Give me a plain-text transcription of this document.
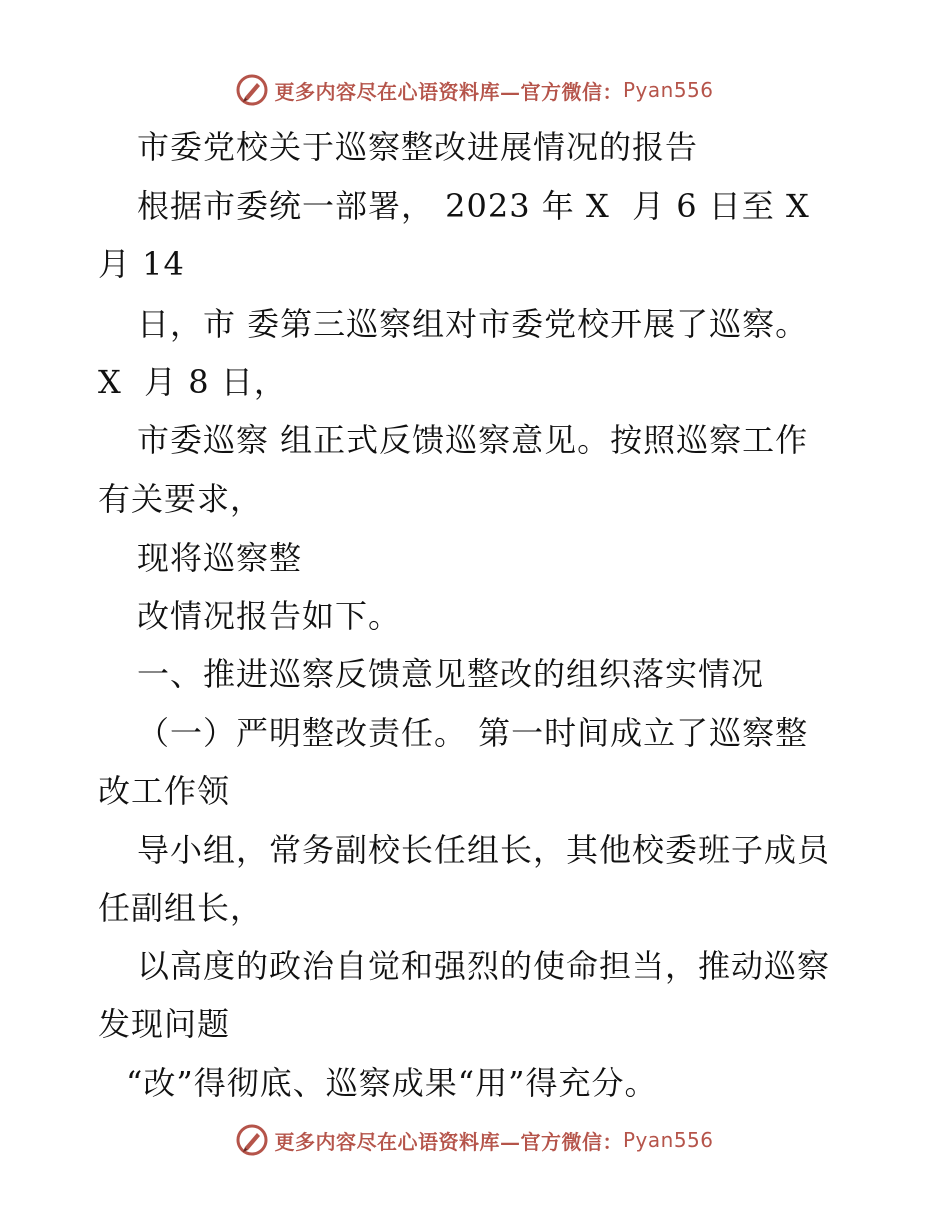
更多内容尽在心语资料库—官方微信： Pyan556
市委党校关于巡察整改进展情况的报告
根据市委统一部署， 2023 年 X  月 6 日至 X
月 14
日，市 委第三巡察组对市委党校开展了巡察。
X  月 8 日，
市委巡察 组正式反馈巡察意见。按照巡察工作
有关要求，
现将巡察整
改情况报告如下。
一、推进巡察反馈意见整改的组织落实情况
（一）严明整改责任。 第一时间成立了巡察整
改工作领
导小组，常务副校长任组长，其他校委班子成员
任副组长，
以高度的政治自觉和强烈的使命担当，推动巡察
发现问题
“改”得彻底、巡察成果“用”得充分。
更多内容尽在心语资料库—官方微信： Pyan556
